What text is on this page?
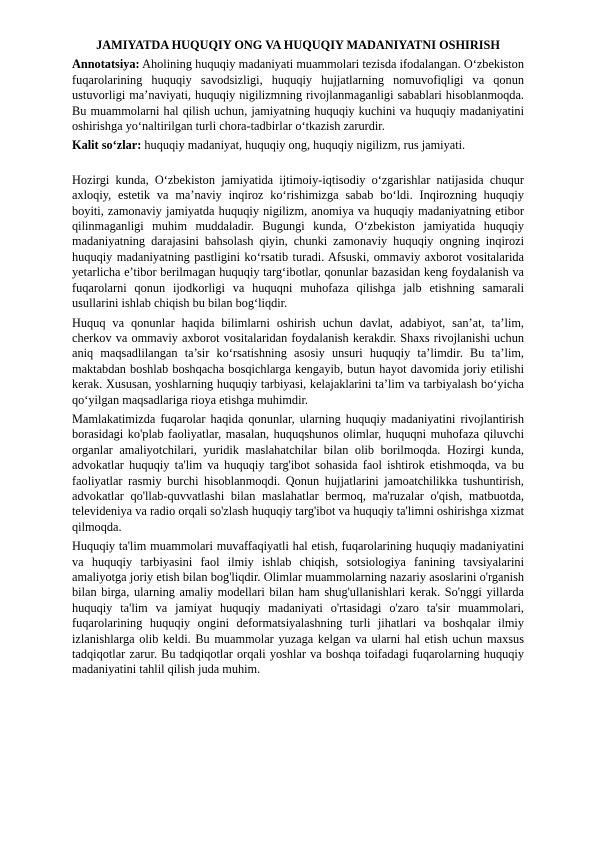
JAMIYATDA HUQUQIY ONG VA HUQUQIY MADANIYATNI OSHIRISH

Annotatsiya: Aholining huquqiy madaniyati muammolari tezisda ifodalangan. O‘zbekiston fuqarolarining huquqiy savodsizligi, huquqiy hujjatlarning nomuvofiqligi va qonun ustuvorligi ma’naviyati, huquqiy nigilizmning rivojlanmaganligi sabablari hisoblanmoqda. Bu muammolarni hal qilish uchun, jamiyatning huquqiy kuchini va huquqiy madaniyatini oshirishga yo‘naltirilgan turli chora-tadbirlar o‘tkazish zarurdir.

Kalit so‘zlar: huquqiy madaniyat, huquqiy ong, huquqiy nigilizm, rus jamiyati.

Hozirgi kunda, O‘zbekiston jamiyatida ijtimoiy-iqtisodiy o‘zgarishlar natijasida chuqur axloqiy, estetik va ma’naviy inqiroz ko‘rishimizga sabab bo‘ldi. Inqirozning huquqiy boyiti, zamonaviy jamiyatda huquqiy nigilizm, anomiya va huquqiy madaniyatning etibor qilinmaganligi muhim muddaladir. Bugungi kunda, O‘zbekiston jamiyatida huquqiy madaniyatning darajasini bahsolash qiyin, chunki zamonaviy huquqiy ongning inqirozi huquqiy madaniyatning pastligini ko‘rsatib turadi. Afsuski, ommaviy axborot vositalarida yetarlicha e’tibor berilmagan huquqiy targ‘ibotlar, qonunlar bazasidan keng foydalanish va fuqarolarni qonun ijodkorligi va huquqni muhofaza qilishga jalb etishning samarali usullarini ishlab chiqish bu bilan bog‘liqdir.

Huquq va qonunlar haqida bilimlarni oshirish uchun davlat, adabiyot, san’at, ta’lim, cherkov va ommaviy axborot vositalaridan foydalanish kerakdir. Shaxs rivojlanishi uchun aniq maqsadlilangan ta’sir ko‘rsatishning asosiy unsuri huquqiy ta’limdir. Bu ta’lim, maktabdan boshlab boshqacha bosqichlarga kengayib, butun hayot davomida joriy etilishi kerak. Xususan, yoshlarning huquqiy tarbiyasi, kelajaklarini ta’lim va tarbiyalash bo‘yicha qo‘yilgan maqsadlariga rioya etishga muhimdir.

Mamlakatimizda fuqarolar haqida qonunlar, ularning huquqiy madaniyatini rivojlantirish borasidagi ko'plab faoliyatlar, masalan, huquqshunos olimlar, huquqni muhofaza qiluvchi organlar amaliyotchilari, yuridik maslahatchilar bilan olib borilmoqda. Hozirgi kunda, advokatlar huquqiy ta'lim va huquqiy targ'ibot sohasida faol ishtirok etishmoqda, va bu faoliyatlar rasmiy burchi hisoblanmoqdi. Qonun hujjatlarini jamoatchilikka tushuntirish, advokatlar qo'llab-quvvatlashi bilan maslahatlar bermoq, ma'ruzalar o'qish, matbuotda, televideniya va radio orqali so'zlash huquqiy targ'ibot va huquqiy ta'limni oshirishga xizmat qilmoqda.

Huquqiy ta'lim muammolari muvaffaqiyatli hal etish, fuqarolarining huquqiy madaniyatini va huquqiy tarbiyasini faol ilmiy ishlab chiqish, sotsiologiya fanining tavsiyalarini amaliyotga joriy etish bilan bog'liqdir. Olimlar muammolarning nazariy asoslarini o'rganish bilan birga, ularning amaliy modellari bilan ham shug'ullanishlari kerak. So'nggi yillarda huquqiy ta'lim va jamiyat huquqiy madaniyati o'rtasidagi o'zaro ta'sir muammolari, fuqarolarining huquqiy ongini deformatsiyalashning turli jihatlari va boshqalar ilmiy izlanishlarga olib keldi. Bu muammolar yuzaga kelgan va ularni hal etish uchun maxsus tadqiqotlar zarur. Bu tadqiqotlar orqali yoshlar va boshqa toifadagi fuqarolarning huquqiy madaniyatini tahlil qilish juda muhim.
